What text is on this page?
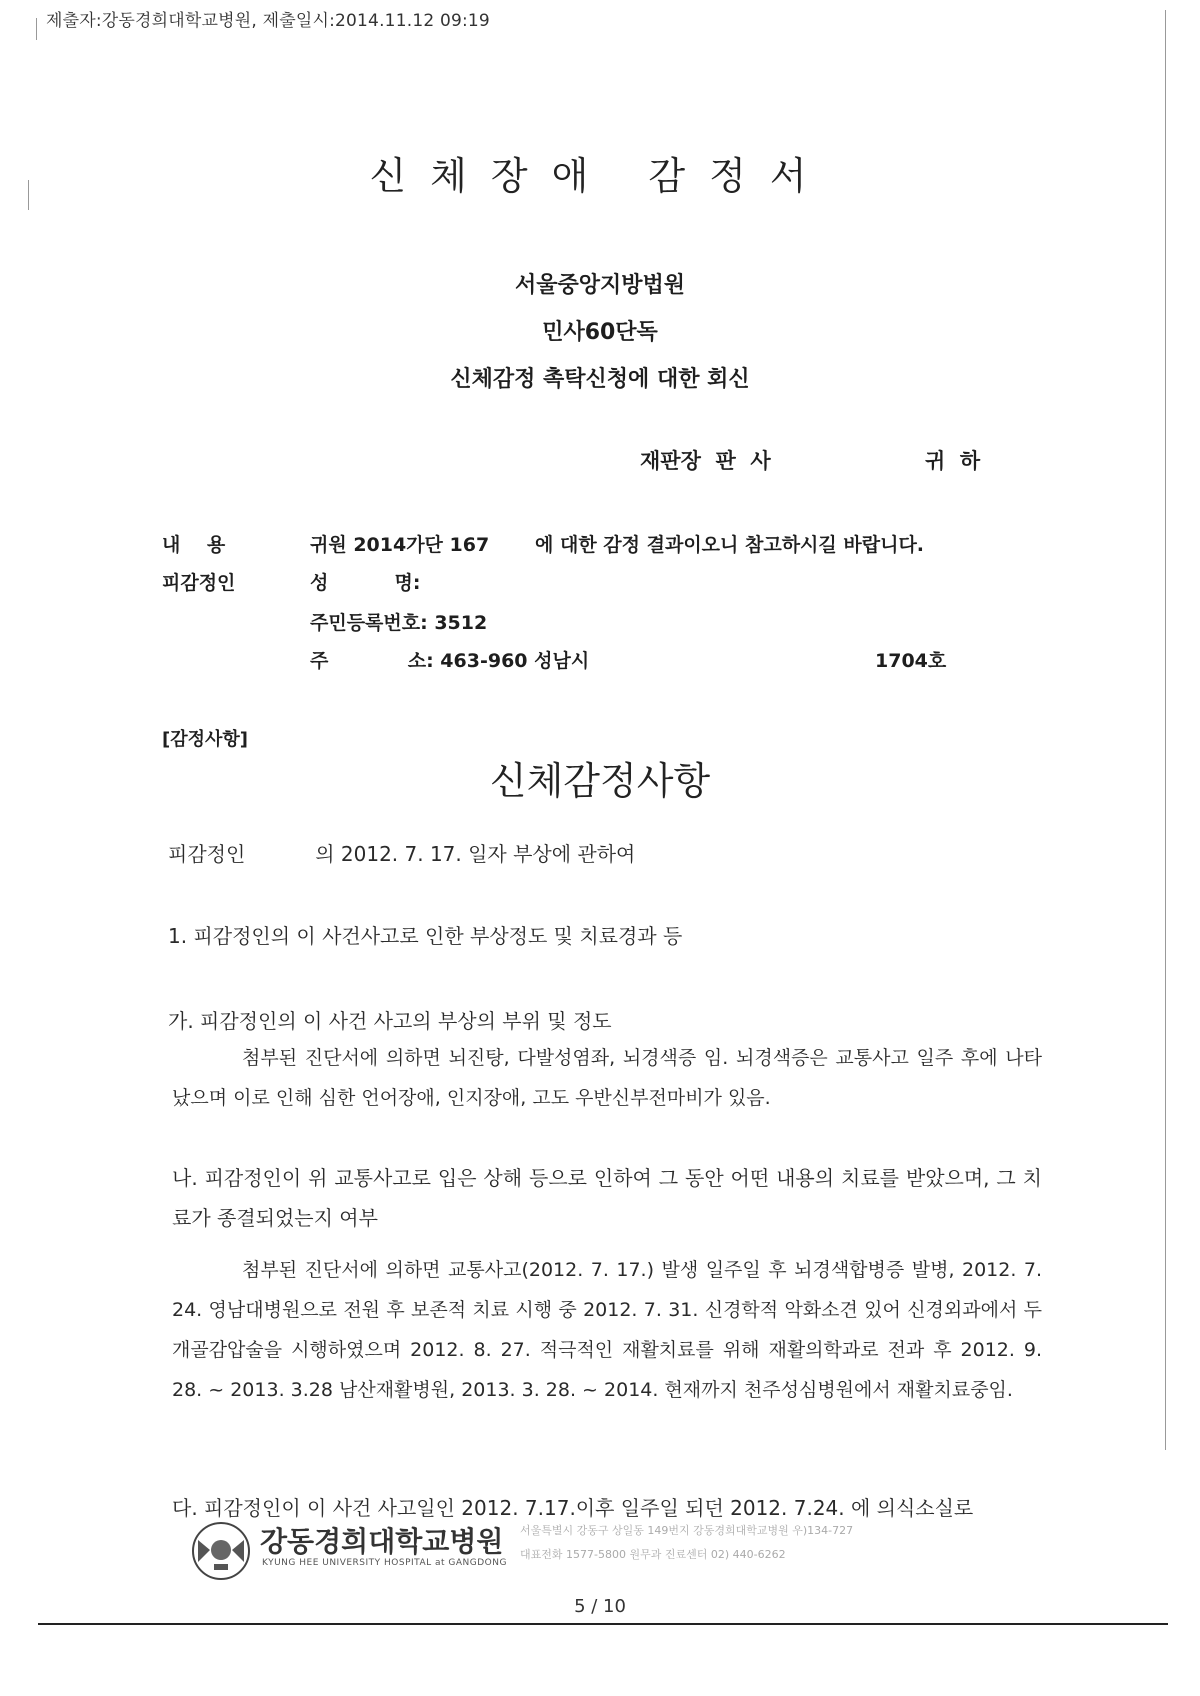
제출자:강동경희대학교병원, 제출일시:2014.11.12 09:19
신체장애 감정서
서울중앙지방법원
민사60단독
신체감정 촉탁신청에 대한 회신
재판장  판  사	귀  하
내    용	귀원 2014가단 167 에 대한 감정 결과이오니 참고하시길 바랍니다.
피감정인	성          명:
주민등록번호: 3512
주            소: 463-960 성남시	1704호
[감정사항]
신체감정사항
피감정인           의 2012. 7. 17. 일자 부상에 관하여
1. 피감정인의 이 사건사고로 인한 부상정도 및 치료경과 등
가. 피감정인의 이 사건 사고의 부상의 부위 및 정도
첨부된 진단서에 의하면 뇌진탕, 다발성염좌, 뇌경색증 임. 뇌경색증은 교통사고 일주 후에 나타났으며 이로 인해 심한 언어장애, 인지장애, 고도 우반신부전마비가 있음.
나. 피감정인이 위 교통사고로 입은 상해 등으로 인하여 그 동안 어떤 내용의 치료를 받았으며, 그 치료가 종결되었는지 여부
첨부된 진단서에 의하면 교통사고(2012. 7. 17.) 발생 일주일 후 뇌경색합병증 발병, 2012. 7. 24. 영남대병원으로 전원 후 보존적 치료 시행 중 2012. 7. 31. 신경학적 악화소견 있어 신경외과에서 두개골감압술을 시행하였으며 2012. 8. 27. 적극적인 재활치료를 위해 재활의학과로 전과 후 2012. 9. 28. ~ 2013. 3.28 남산재활병원, 2013. 3. 28. ~ 2014. 현재까지 천주성심병원에서 재활치료중임.
다. 피감정인이 이 사건 사고일인 2012. 7.17.이후 일주일 되던 2012. 7.24. 에 의식소실로
강동경희대학교병원
KYUNG HEE UNIVERSITY HOSPITAL at GANGDONG
서울특별시 강동구 상일동 149번지 강동경희대학교병원 우)134-727
대표전화 1577-5800 원무과 진료센터 02) 440-6262
5 / 10
